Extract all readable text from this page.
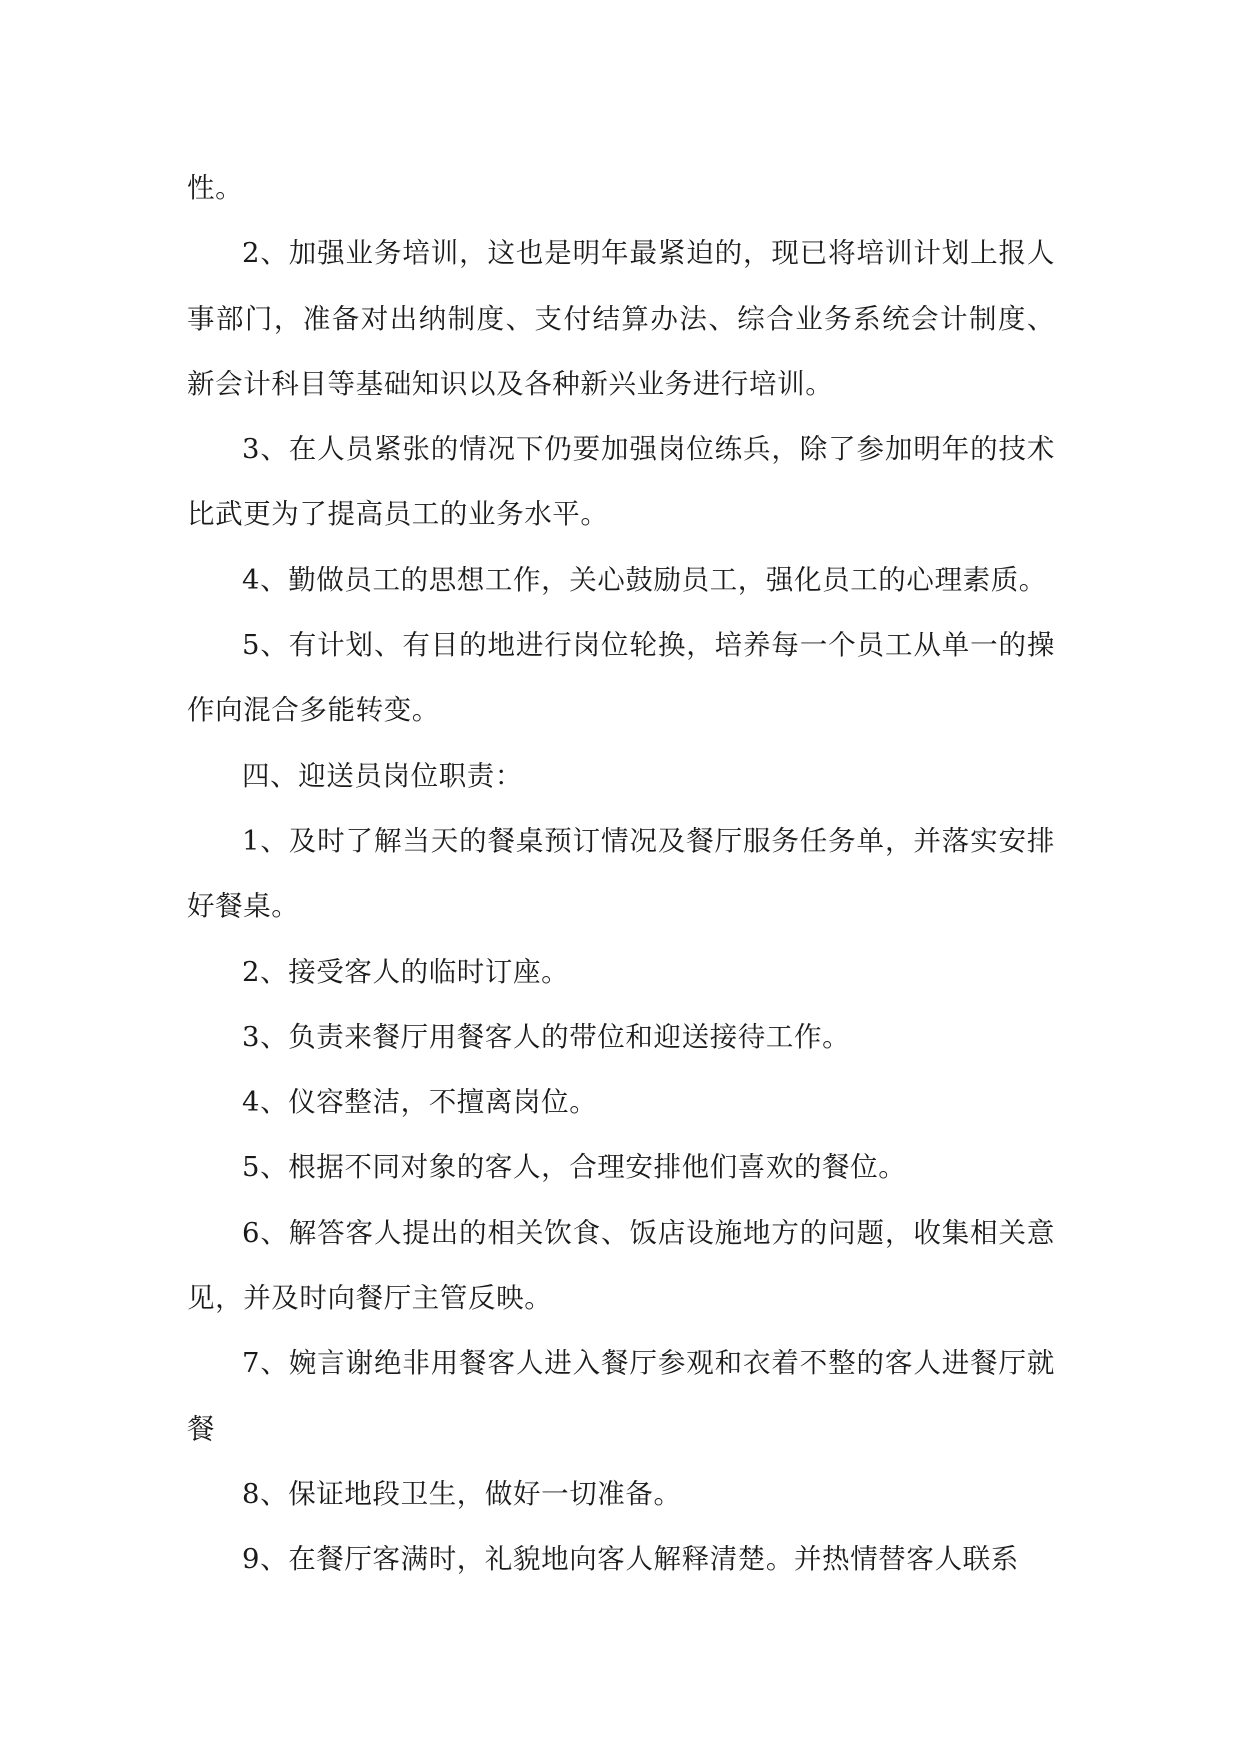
性。

2、加强业务培训，这也是明年最紧迫的，现已将培训计划上报人事部门，准备对出纳制度、支付结算办法、综合业务系统会计制度、新会计科目等基础知识以及各种新兴业务进行培训。

3、在人员紧张的情况下仍要加强岗位练兵，除了参加明年的技术比武更为了提高员工的业务水平。

4、勤做员工的思想工作，关心鼓励员工，强化员工的心理素质。

5、有计划、有目的地进行岗位轮换，培养每一个员工从单一的操作向混合多能转变。

四、迎送员岗位职责：

1、及时了解当天的餐桌预订情况及餐厅服务任务单，并落实安排好餐桌。

2、接受客人的临时订座。

3、负责来餐厅用餐客人的带位和迎送接待工作。

4、仪容整洁，不擅离岗位。

5、根据不同对象的客人，合理安排他们喜欢的餐位。

6、解答客人提出的相关饮食、饭店设施地方的问题，收集相关意见，并及时向餐厅主管反映。

7、婉言谢绝非用餐客人进入餐厅参观和衣着不整的客人进餐厅就餐

8、保证地段卫生，做好一切准备。

9、在餐厅客满时，礼貌地向客人解释清楚。并热情替客人联系
